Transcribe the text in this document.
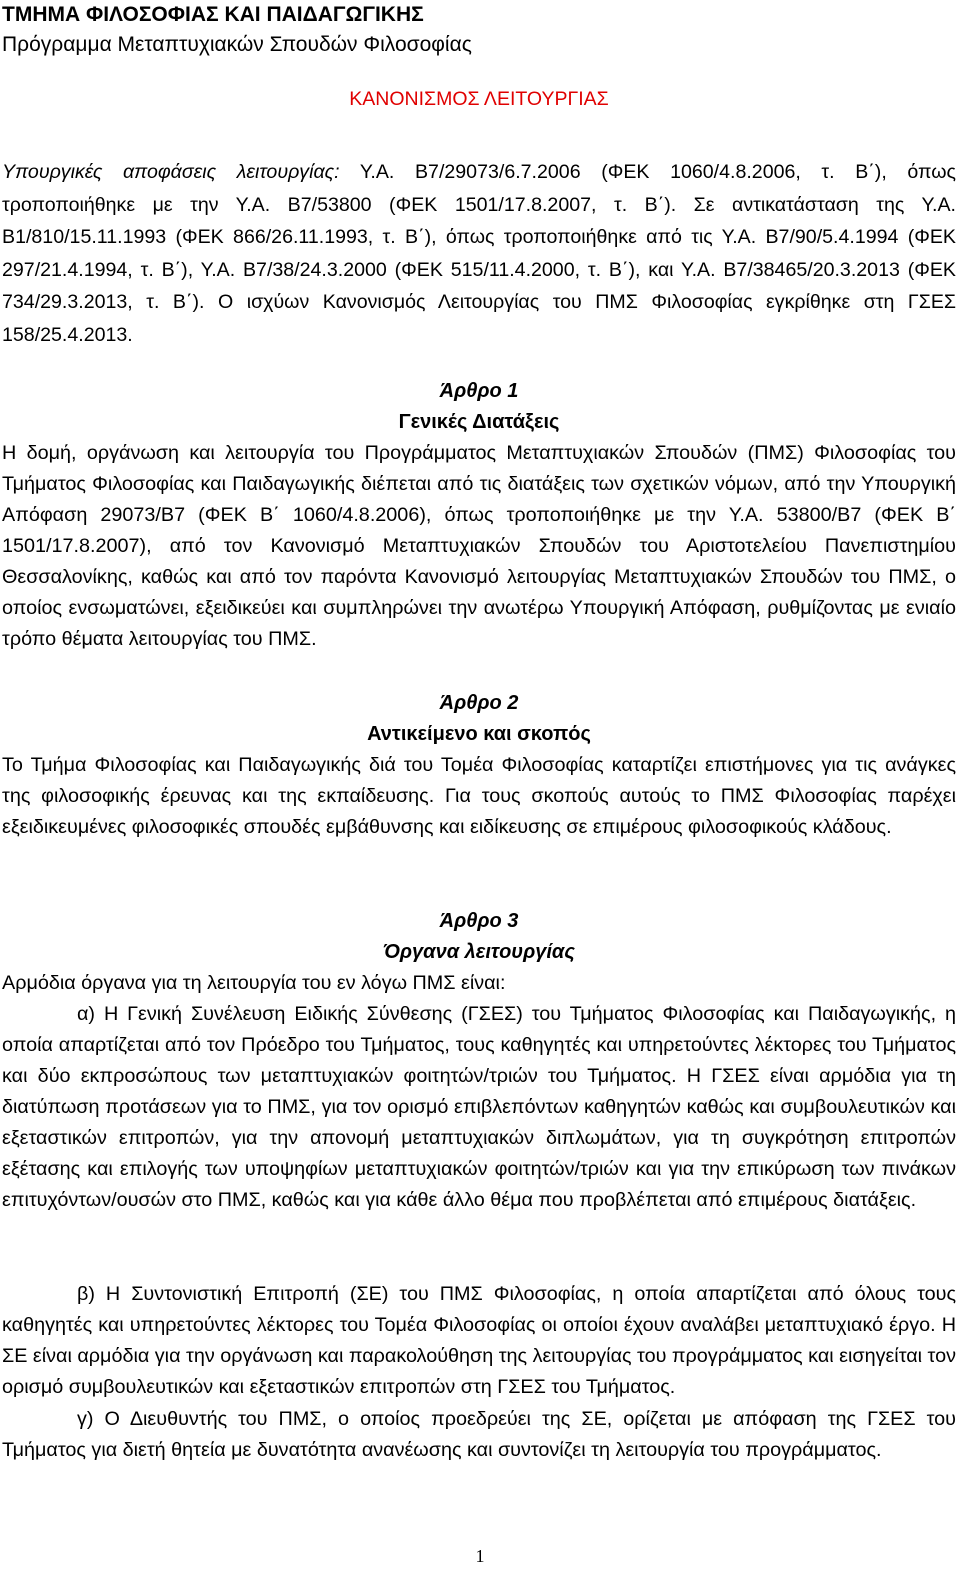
ΤΜΗΜΑ ΦΙΛΟΣΟΦΙΑΣ ΚΑΙ ΠΑΙΔΑΓΩΓΙΚΗΣ
Πρόγραμμα Μεταπτυχιακών Σπουδών Φιλοσοφίας
ΚΑΝΟΝΙΣΜΟΣ ΛΕΙΤΟΥΡΓΙΑΣ
Υπουργικές αποφάσεις λειτουργίας: Υ.Α. Β7/29073/6.7.2006 (ΦΕΚ 1060/4.8.2006, τ. Β΄), όπως τροποποιήθηκε με την Υ.Α. Β7/53800 (ΦΕΚ 1501/17.8.2007, τ. Β΄). Σε αντικατάσταση της Υ.Α. Β1/810/15.11.1993 (ΦΕΚ 866/26.11.1993, τ. Β΄), όπως τροποποιήθηκε από τις Υ.Α. Β7/90/5.4.1994 (ΦΕΚ 297/21.4.1994, τ. Β΄), Υ.Α. Β7/38/24.3.2000 (ΦΕΚ 515/11.4.2000, τ. Β΄), και Υ.Α. Β7/38465/20.3.2013 (ΦΕΚ 734/29.3.2013, τ. Β΄). Ο ισχύων Κανονισμός Λειτουργίας του ΠΜΣ Φιλοσοφίας εγκρίθηκε στη ΓΣΕΣ 158/25.4.2013.
Άρθρο 1
Γενικές Διατάξεις
Η δομή, οργάνωση και λειτουργία του Προγράμματος Μεταπτυχιακών Σπουδών (ΠΜΣ) Φιλοσοφίας του Τμήματος Φιλοσοφίας και Παιδαγωγικής διέπεται από τις διατάξεις των σχετικών νόμων, από την Υπουργική Απόφαση 29073/Β7 (ΦΕΚ Β΄ 1060/4.8.2006), όπως τροποποιήθηκε με την Υ.Α. 53800/Β7 (ΦΕΚ Β΄ 1501/17.8.2007), από τον Κανονισμό Μεταπτυχιακών Σπουδών του Αριστοτελείου Πανεπιστημίου Θεσσαλονίκης, καθώς και από τον παρόντα Κανονισμό λειτουργίας Μεταπτυχιακών Σπουδών του ΠΜΣ, ο οποίος ενσωματώνει, εξειδικεύει και συμπληρώνει την ανωτέρω Υπουργική Απόφαση, ρυθμίζοντας με ενιαίο τρόπο θέματα λειτουργίας του ΠΜΣ.
Άρθρο 2
Αντικείμενο και σκοπός
Το Τμήμα Φιλοσοφίας και Παιδαγωγικής διά του Τομέα Φιλοσοφίας καταρτίζει επιστήμονες για τις ανάγκες της φιλοσοφικής έρευνας και της εκπαίδευσης. Για τους σκοπούς αυτούς το ΠΜΣ Φιλοσοφίας παρέχει εξειδικευμένες φιλοσοφικές σπουδές εμβάθυνσης και ειδίκευσης σε επιμέρους φιλοσοφικούς κλάδους.
Άρθρο 3
Όργανα λειτουργίας
Αρμόδια όργανα για τη λειτουργία του εν λόγω ΠΜΣ είναι:
α) Η Γενική Συνέλευση Ειδικής Σύνθεσης (ΓΣΕΣ) του Τμήματος Φιλοσοφίας και Παιδαγωγικής, η οποία απαρτίζεται από τον Πρόεδρο του Τμήματος, τους καθηγητές και υπηρετούντες λέκτορες του Τμήματος και δύο εκπροσώπους των μεταπτυχιακών φοιτητών/τριών του Τμήματος. Η ΓΣΕΣ είναι αρμόδια για τη διατύπωση προτάσεων για το ΠΜΣ, για τον ορισμό επιβλεπόντων καθηγητών καθώς και συμβουλευτικών και εξεταστικών επιτροπών, για την απονομή μεταπτυχιακών διπλωμάτων, για τη συγκρότηση επιτροπών εξέτασης και επιλογής των υποψηφίων μεταπτυχιακών φοιτητών/τριών και για την επικύρωση των πινάκων επιτυχόντων/ουσών στο ΠΜΣ, καθώς και για κάθε άλλο θέμα που προβλέπεται από επιμέρους διατάξεις.
β) Η Συντονιστική Επιτροπή (ΣΕ) του ΠΜΣ Φιλοσοφίας, η οποία απαρτίζεται από όλους τους καθηγητές και υπηρετούντες λέκτορες του Τομέα Φιλοσοφίας οι οποίοι έχουν αναλάβει μεταπτυχιακό έργο. Η ΣΕ είναι αρμόδια για την οργάνωση και παρακολούθηση της λειτουργίας του προγράμματος και εισηγείται τον ορισμό συμβουλευτικών και εξεταστικών επιτροπών στη ΓΣΕΣ του Τμήματος.
γ) Ο Διευθυντής του ΠΜΣ, ο οποίος προεδρεύει της ΣΕ, ορίζεται με απόφαση της ΓΣΕΣ του Τμήματος για διετή θητεία με δυνατότητα ανανέωσης και συντονίζει τη λειτουργία του προγράμματος.
1
